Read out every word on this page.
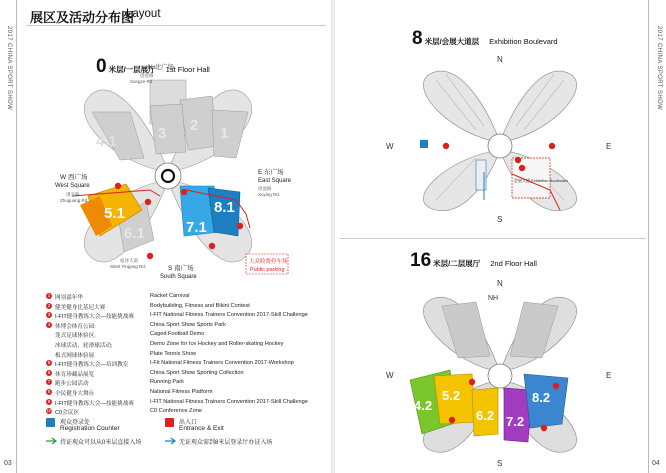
2017 CHINA SPORT SHOW	2017 CHINA SPORT SHOW
03	04
展区及活动分布图
Layout
0 米层/一层展厅 1st Floor Hall
4.1	3 2 1
5.1
6.1	7.1
8.1
N 北广场
创意路
Songze Rd.
W 西广场
West Square
诸光路
Zhuguang Rd.
E 东广场
East Square
徐盈路
Xuying Rd.
S 南广场
South Square
崧泽大道
Sleet Yingang Rd.
大众收费停车场
Public parking
1 网羽嘉年华	Racket Carnival
2 健美健身比基尼大赛	Bodybuilding, Fitness and Bikini Contest
3 I-FIT健身教练大会—技能挑战赛	I-FIT National Fitness Trainers Convention 2017-Skill Challenge
4 体博会体育公园:	China Sport Show Sports Park
笼式足球体验区;	Caged Football Demo
冰球活动、轮滑球活动;	Demo Zone for Ice Hockey and Roller-skating Hockey
板式网球体验展	Plate Tennis Show
5 I-FIT健身教练大会—培训教室	I-Fit National Fitness Trainers Convention 2017-Workshop
6 体育珍藏品展览	China Sport Show Sporting Collection
7 跑步公园活动	Running Park
8 全民健身大舞台	National Fitness Platform
9 I-FIT健身教练大会—技能挑战赛	I-FIT National Fitness Trainers Convention 2017-Skill Challenge
10 C0会议区	C0 Conference Zone
观众登录处
Registration Counter
出入口
Entrance & Exit
持证观众可以从0米层直接入场	无证观众需到8米层登录厅办证入场
8 米层/会展大道层 Exhibition Boulevard
N
W	E
S
会展大道 Exhibition Boulevard
16 米层/二层展厅 2nd Floor Hall
4.2
5.2
6.2 7.2
8.2
N
NH
W	E
S
